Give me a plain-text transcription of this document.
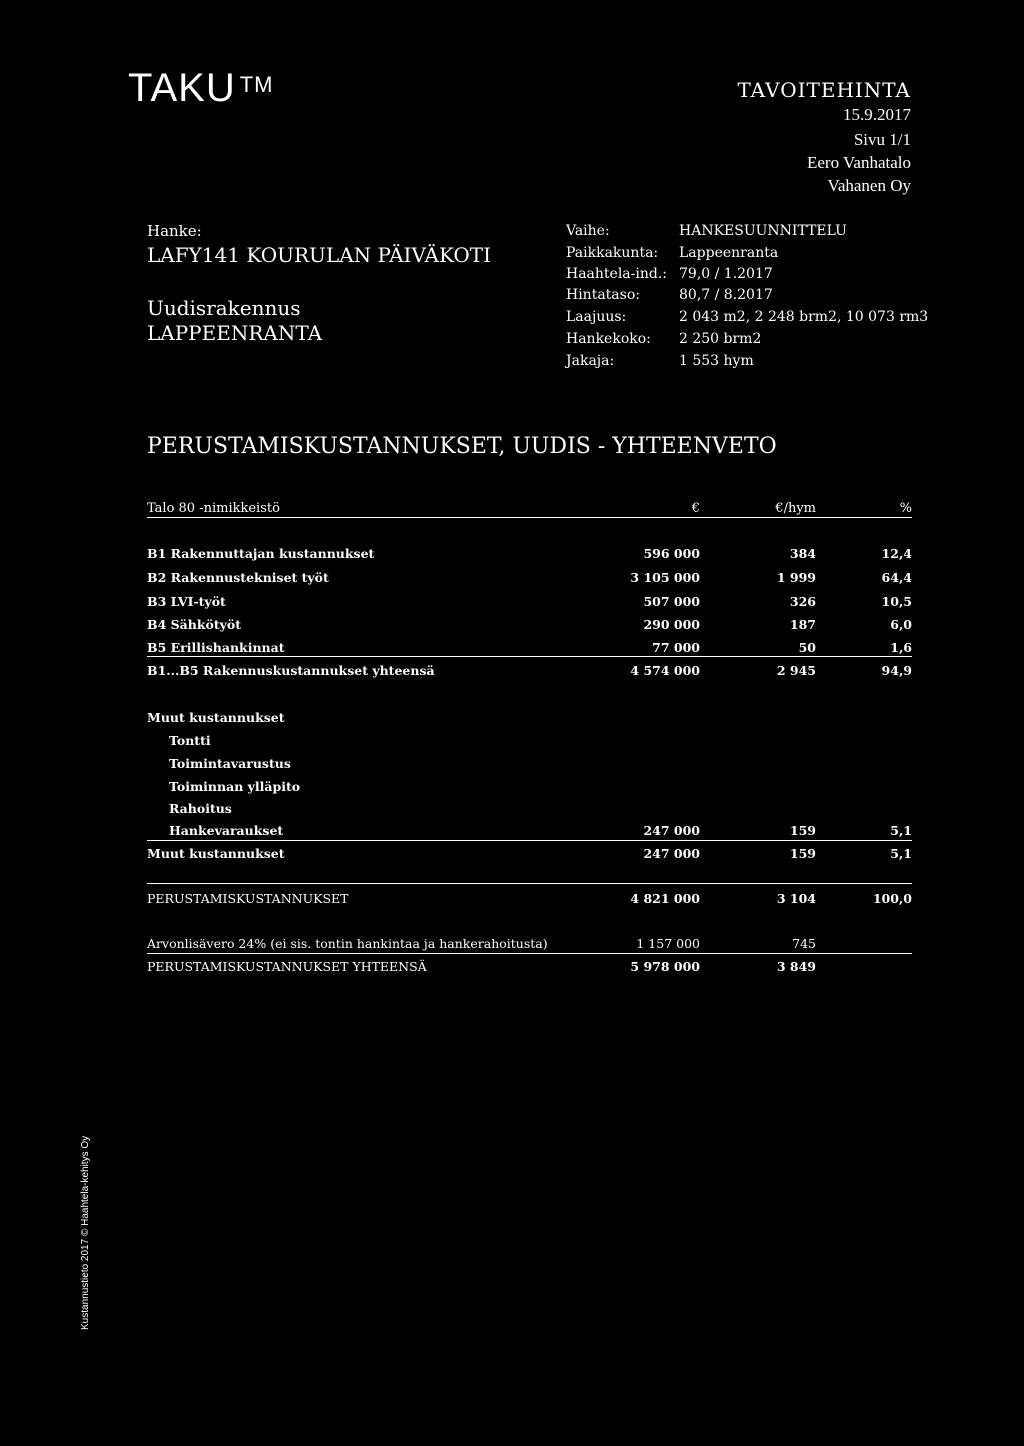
TAKU ™	TAVOITEHINTA
15.9.2017
Sivu 1/1
Eero Vanhatalo
Vahanen Oy
Hanke:
LAFY141 KOURULAN PÄIVÄKOTI
Uudisrakennus
LAPPEENRANTA
Vaihe:	HANKESUUNNITTELU
Paikkakunta: Lappeenranta
Haahtela-ind.: 79,0 / 1.2017
Hintataso:	80,7 / 8.2017
Laajuus:	2 043 m2, 2 248 brm2, 10 073 rm3
Hankekoko: 2 250 brm2
Jakaja:	1 553 hym
PERUSTAMISKUSTANNUKSET, UUDIS - YHTEENVETO
Talo 80 -nimikkeistö	€	€/hym	%
B1 Rakennuttajan kustannukset	596 000	384	12,4
B2 Rakennustekniset työt	3 105 000	1 999	64,4
B3 LVI-työt	507 000	326	10,5
B4 Sähkötyöt	290 000	187	6,0
B5 Erillishankinnat	77 000	50	1,6
B1...B5 Rakennuskustannukset yhteensä	4 574 000	2 945	94,9
Muut kustannukset
Tontti
Toimintavarustus
Toiminnan ylläpito
Rahoitus
Hankevaraukset	247 000	159	5,1
Muut kustannukset	247 000	159	5,1
PERUSTAMISKUSTANNUKSET	4 821 000	3 104	100,0
Arvonlisävero 24% (ei sis. tontin hankintaa ja hankerahoitusta)	1 157 000	745
PERUSTAMISKUSTANNUKSET YHTEENSÄ	5 978 000	3 849
Kustannustieto 2017 © Haahtela-kehitys Oy
